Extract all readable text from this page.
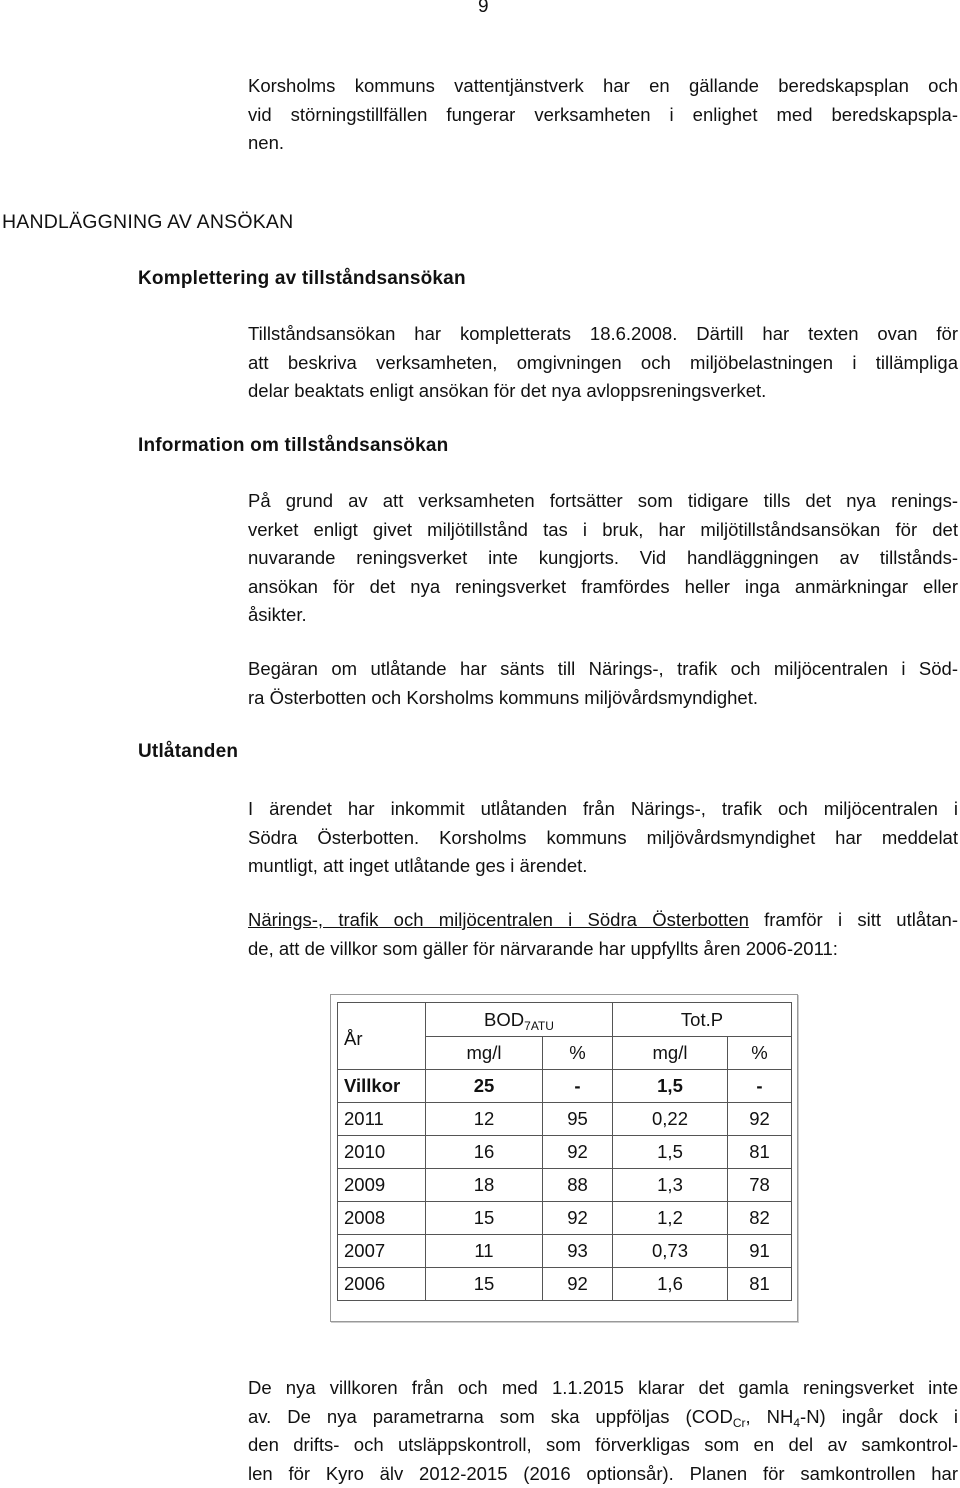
9
Korsholms kommuns vattentjänstverk har en gällande beredskapsplan och
vid störningstillfällen fungerar verksamheten i enlighet med beredskapspla-
nen.
HANDLÄGGNING AV ANSÖKAN
Komplettering av tillståndsansökan
Tillståndsansökan har kompletterats 18.6.2008. Därtill har texten ovan för
att beskriva verksamheten, omgivningen och miljöbelastningen i tillämpliga
delar beaktats enligt ansökan för det nya avloppsreningsverket.
Information om tillståndsansökan
På grund av att verksamheten fortsätter som tidigare tills det nya renings-
verket enligt givet miljötillstånd tas i bruk, har miljötillståndsansökan för det
nuvarande reningsverket inte kungjorts. Vid handläggningen av tillstånds-
ansökan för det nya reningsverket framfördes heller inga anmärkningar eller
åsikter.
Begäran om utlåtande har sänts till Närings-, trafik och miljöcentralen i Söd-
ra Österbotten och Korsholms kommuns miljövårdsmyndighet.
Utlåtanden
I ärendet har inkommit utlåtanden från Närings-, trafik och miljöcentralen i
Södra Österbotten. Korsholms kommuns miljövårdsmyndighet har meddelat
muntligt, att inget utlåtande ges i ärendet.
Närings-, trafik och miljöcentralen i Södra Österbotten framför i sitt utlåtan-
de, att de villkor som gäller för närvarande har uppfyllts åren 2006-2011:
År	$BOD_{7ATU}$		Tot.P	
	mg/l	%	mg/l	%
Villkor	25	-	1,5	-
2011	12	95	0,22	92
2010	16	92	1,5	81
2009	18	88	1,3	78
2008	15	92	1,2	82
2007	11	93	0,73	91
2006	15	92	1,6	81
De nya villkoren från och med 1.1.2015 klarar det gamla reningsverket inte
av. De nya parametrarna som ska uppföljas ($COD_{Cr}$, $NH_4-N$) ingår dock i
den drifts- och utsläppskontroll, som förverkligas som en del av samkontrol-
len för Kyro älv 2012-2015 (2016 optionsår). Planen för samkontrollen har
